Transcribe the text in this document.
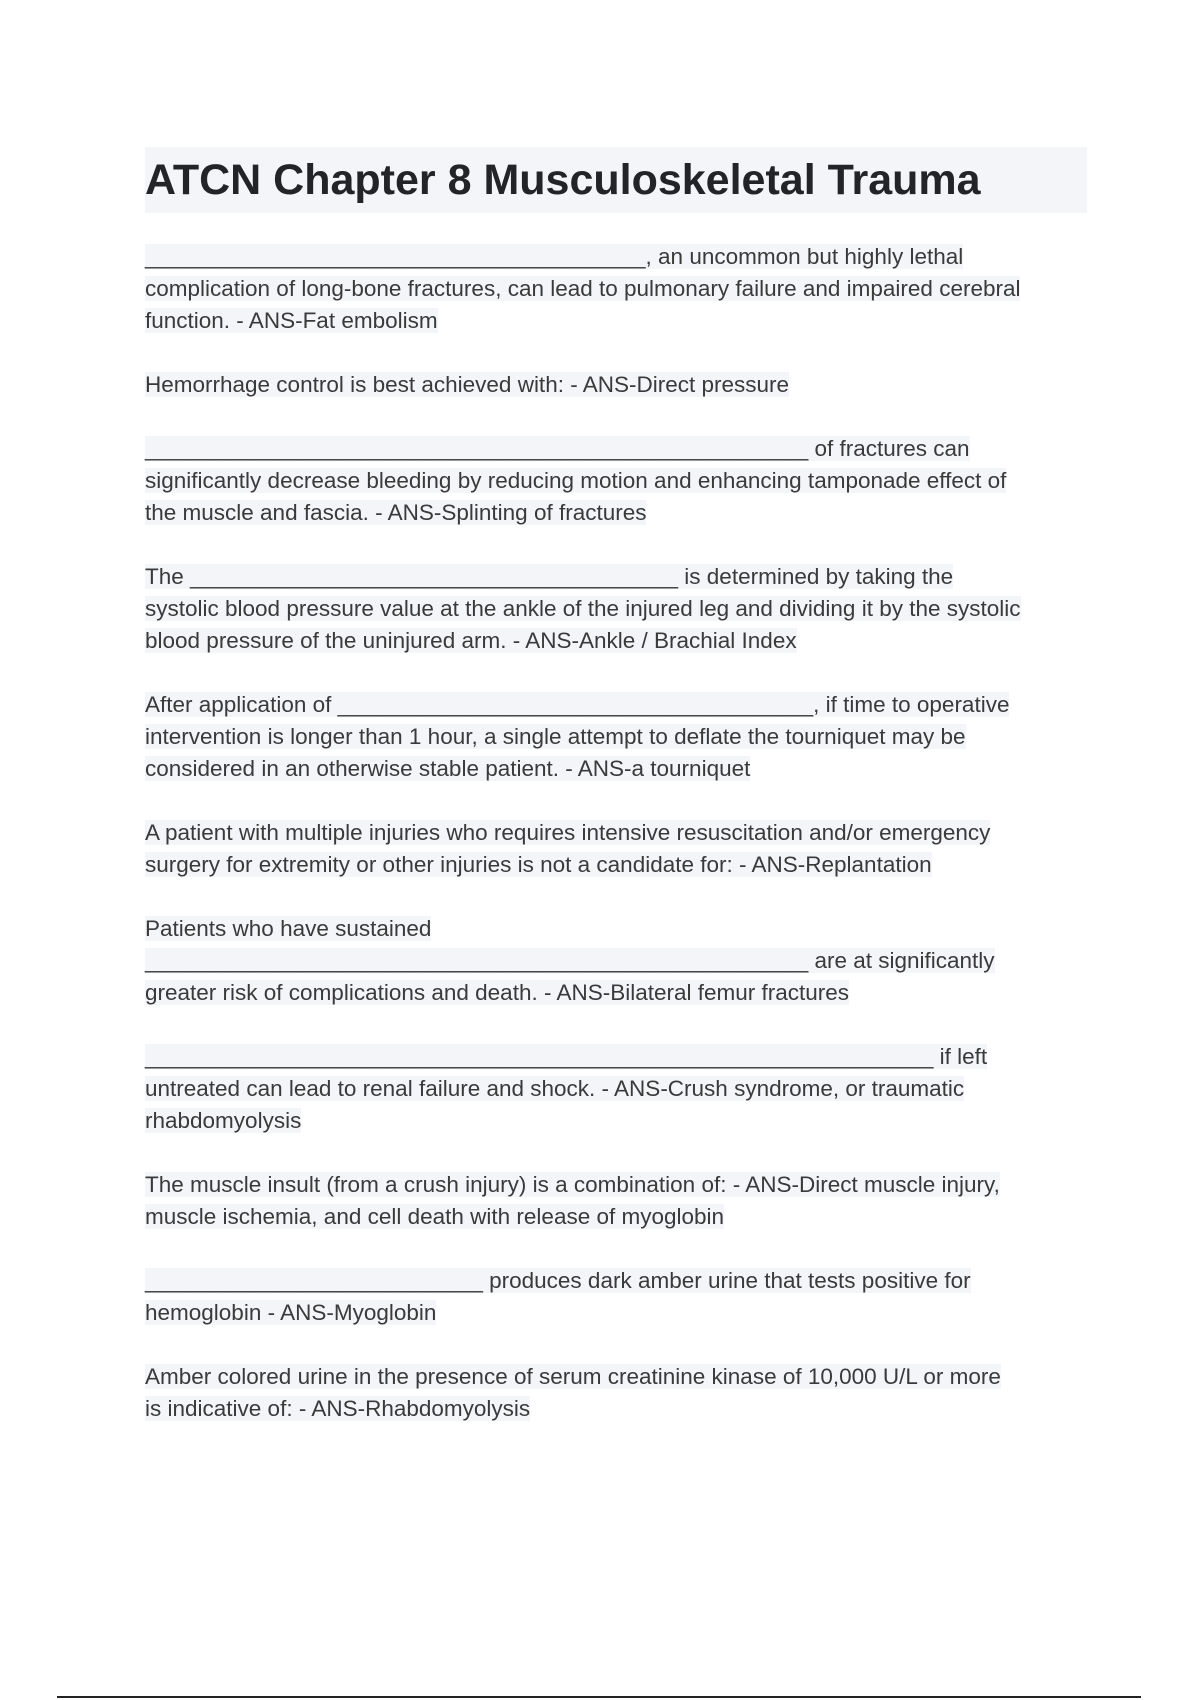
ATCN Chapter 8 Musculoskeletal Trauma

________________________________________, an uncommon but highly lethal

complication of long-bone fractures, can lead to pulmonary failure and impaired cerebral

function. - ANS-Fat embolism

Hemorrhage control is best achieved with: - ANS-Direct pressure

_____________________________________________________ of fractures can

significantly decrease bleeding by reducing motion and enhancing tamponade effect of

the muscle and fascia. - ANS-Splinting of fractures

The _______________________________________ is determined by taking the

systolic blood pressure value at the ankle of the injured leg and dividing it by the systolic

blood pressure of the uninjured arm. - ANS-Ankle / Brachial Index

After application of ______________________________________, if time to operative

intervention is longer than 1 hour, a single attempt to deflate the tourniquet may be

considered in an otherwise stable patient. - ANS-a tourniquet

A patient with multiple injuries who requires intensive resuscitation and/or emergency

surgery for extremity or other injuries is not a candidate for: - ANS-Replantation

Patients who have sustained

_____________________________________________________ are at significantly

greater risk of complications and death. - ANS-Bilateral femur fractures

_______________________________________________________________ if left

untreated can lead to renal failure and shock. - ANS-Crush syndrome, or traumatic

rhabdomyolysis

The muscle insult (from a crush injury) is a combination of: - ANS-Direct muscle injury,

muscle ischemia, and cell death with release of myoglobin

___________________________ produces dark amber urine that tests positive for

hemoglobin - ANS-Myoglobin

Amber colored urine in the presence of serum creatinine kinase of 10,000 U/L or more

is indicative of: - ANS-Rhabdomyolysis
